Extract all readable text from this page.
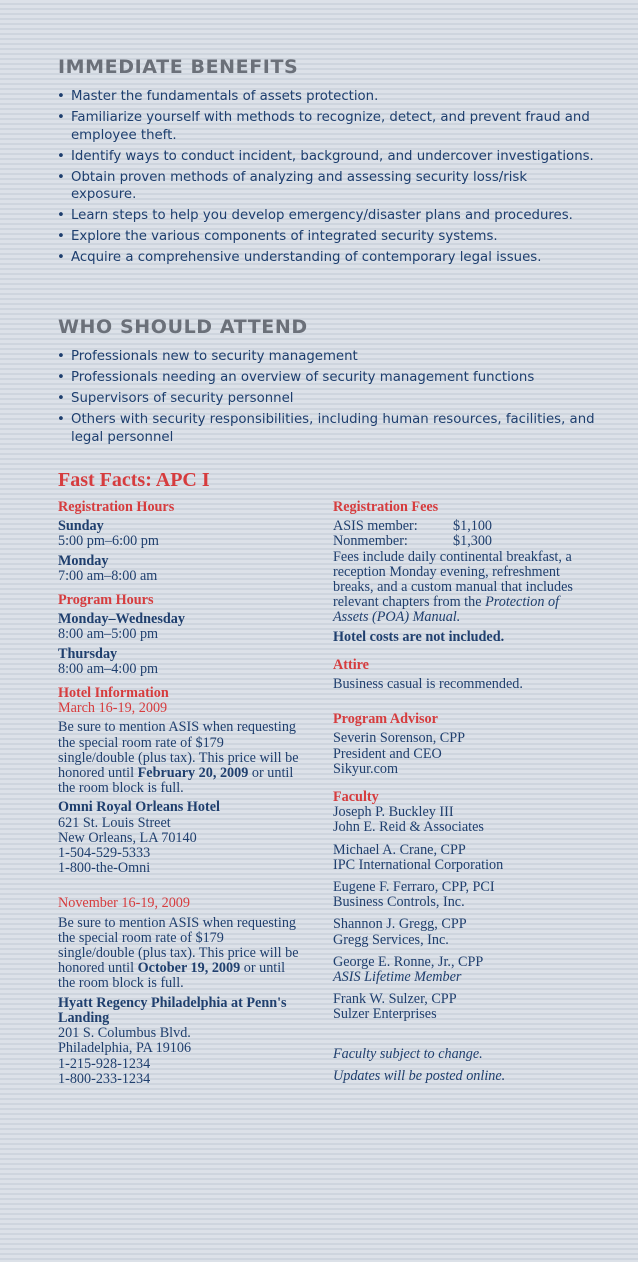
IMMEDIATE BENEFITS
• Master the fundamentals of assets protection.
• Familiarize yourself with methods to recognize, detect, and prevent fraud and employee theft.
• Identify ways to conduct incident, background, and undercover investigations.
• Obtain proven methods of analyzing and assessing security loss/risk exposure.
• Learn steps to help you develop emergency/disaster plans and procedures.
• Explore the various components of integrated security systems.
• Acquire a comprehensive understanding of contemporary legal issues.
WHO SHOULD ATTEND
• Professionals new to security management
• Professionals needing an overview of security management functions
• Supervisors of security personnel
• Others with security responsibilities, including human resources, facilities, and legal personnel
Fast Facts: APC I
Registration Hours
Sunday
5:00 pm–6:00 pm
Monday
7:00 am–8:00 am
Program Hours
Monday–Wednesday
8:00 am–5:00 pm
Thursday
8:00 am–4:00 pm
Hotel Information
March 16-19, 2009
Be sure to mention ASIS when requesting the special room rate of $179 single/double (plus tax). This price will be honored until February 20, 2009 or until the room block is full.
Omni Royal Orleans Hotel
621 St. Louis Street
New Orleans, LA 70140
1-504-529-5333
1-800-the-Omni
November 16-19, 2009
Be sure to mention ASIS when requesting the special room rate of $179 single/double (plus tax). This price will be honored until October 19, 2009 or until the room block is full.
Hyatt Regency Philadelphia at Penn's Landing
201 S. Columbus Blvd.
Philadelphia, PA 19106
1-215-928-1234
1-800-233-1234
Registration Fees
ASIS member: $1,100
Nonmember:	$1,300
Fees include daily continental breakfast, a reception Monday evening, refreshment breaks, and a custom manual that includes relevant chapters from the Protection of Assets (POA) Manual.
Hotel costs are not included.
Attire
Business casual is recommended.
Program Advisor
Severin Sorenson, CPP
President and CEO
Sikyur.com
Faculty
Joseph P. Buckley III
John E. Reid & Associates
Michael A. Crane, CPP
IPC International Corporation
Eugene F. Ferraro, CPP, PCI
Business Controls, Inc.
Shannon J. Gregg, CPP
Gregg Services, Inc.
George E. Ronne, Jr., CPP
ASIS Lifetime Member
Frank W. Sulzer, CPP
Sulzer Enterprises
Faculty subject to change.
Updates will be posted online.
